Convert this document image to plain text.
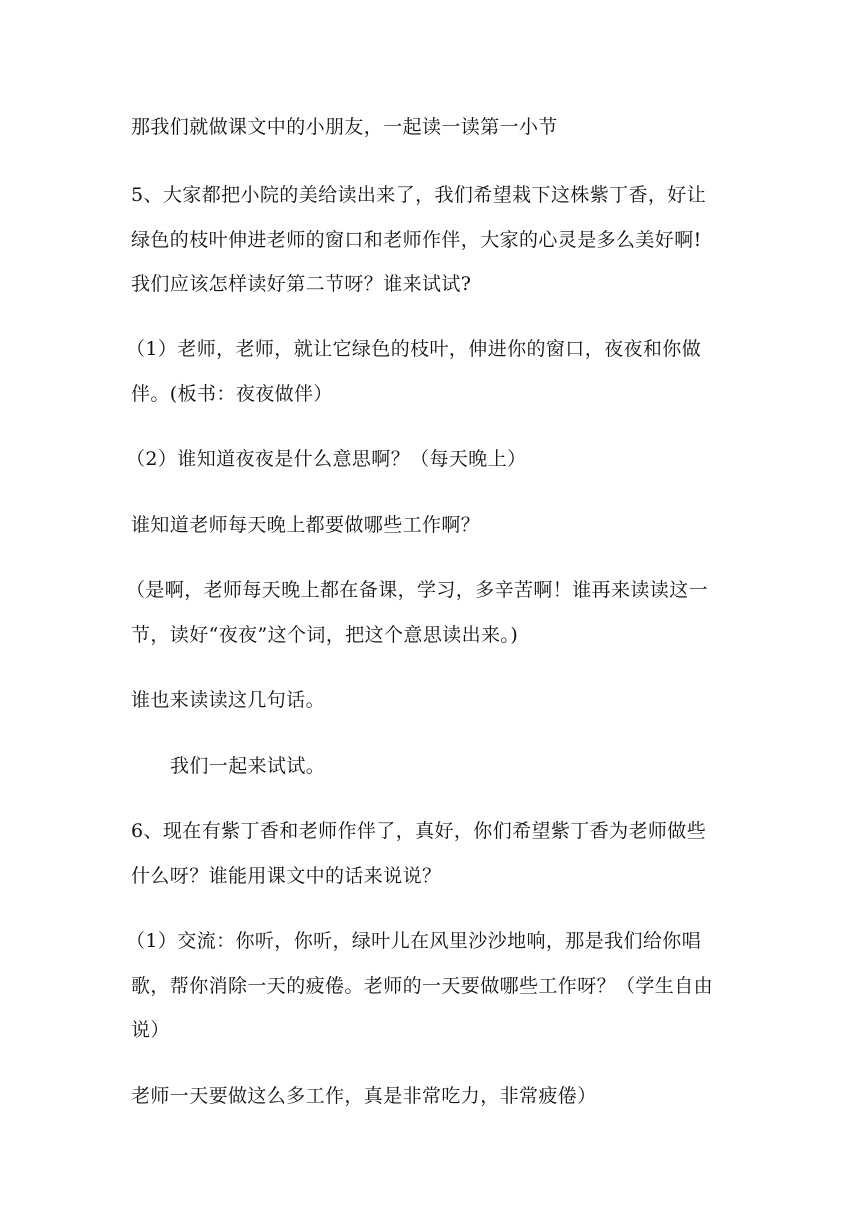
那我们就做课文中的小朋友，一起读一读第一小节
5、大家都把小院的美给读出来了，我们希望栽下这株紫丁香，好让
绿色的枝叶伸进老师的窗口和老师作伴，大家的心灵是多么美好啊!
我们应该怎样读好第二节呀？谁来试试?
（1）老师，老师，就让它绿色的枝叶，伸进你的窗口，夜夜和你做
伴。(板书：夜夜做伴）
（2）谁知道夜夜是什么意思啊？（每天晚上）
谁知道老师每天晚上都要做哪些工作啊？
（是啊，老师每天晚上都在备课，学习，多辛苦啊！谁再来读读这一
节，读好“夜夜”这个词，把这个意思读出来。)
谁也来读读这几句话。
我们一起来试试。
6、现在有紫丁香和老师作伴了，真好，你们希望紫丁香为老师做些
什么呀？谁能用课文中的话来说说？
（1）交流：你听，你听，绿叶儿在风里沙沙地响，那是我们给你唱
歌，帮你消除一天的疲倦。老师的一天要做哪些工作呀？（学生自由
说）
老师一天要做这么多工作，真是非常吃力，非常疲倦）
